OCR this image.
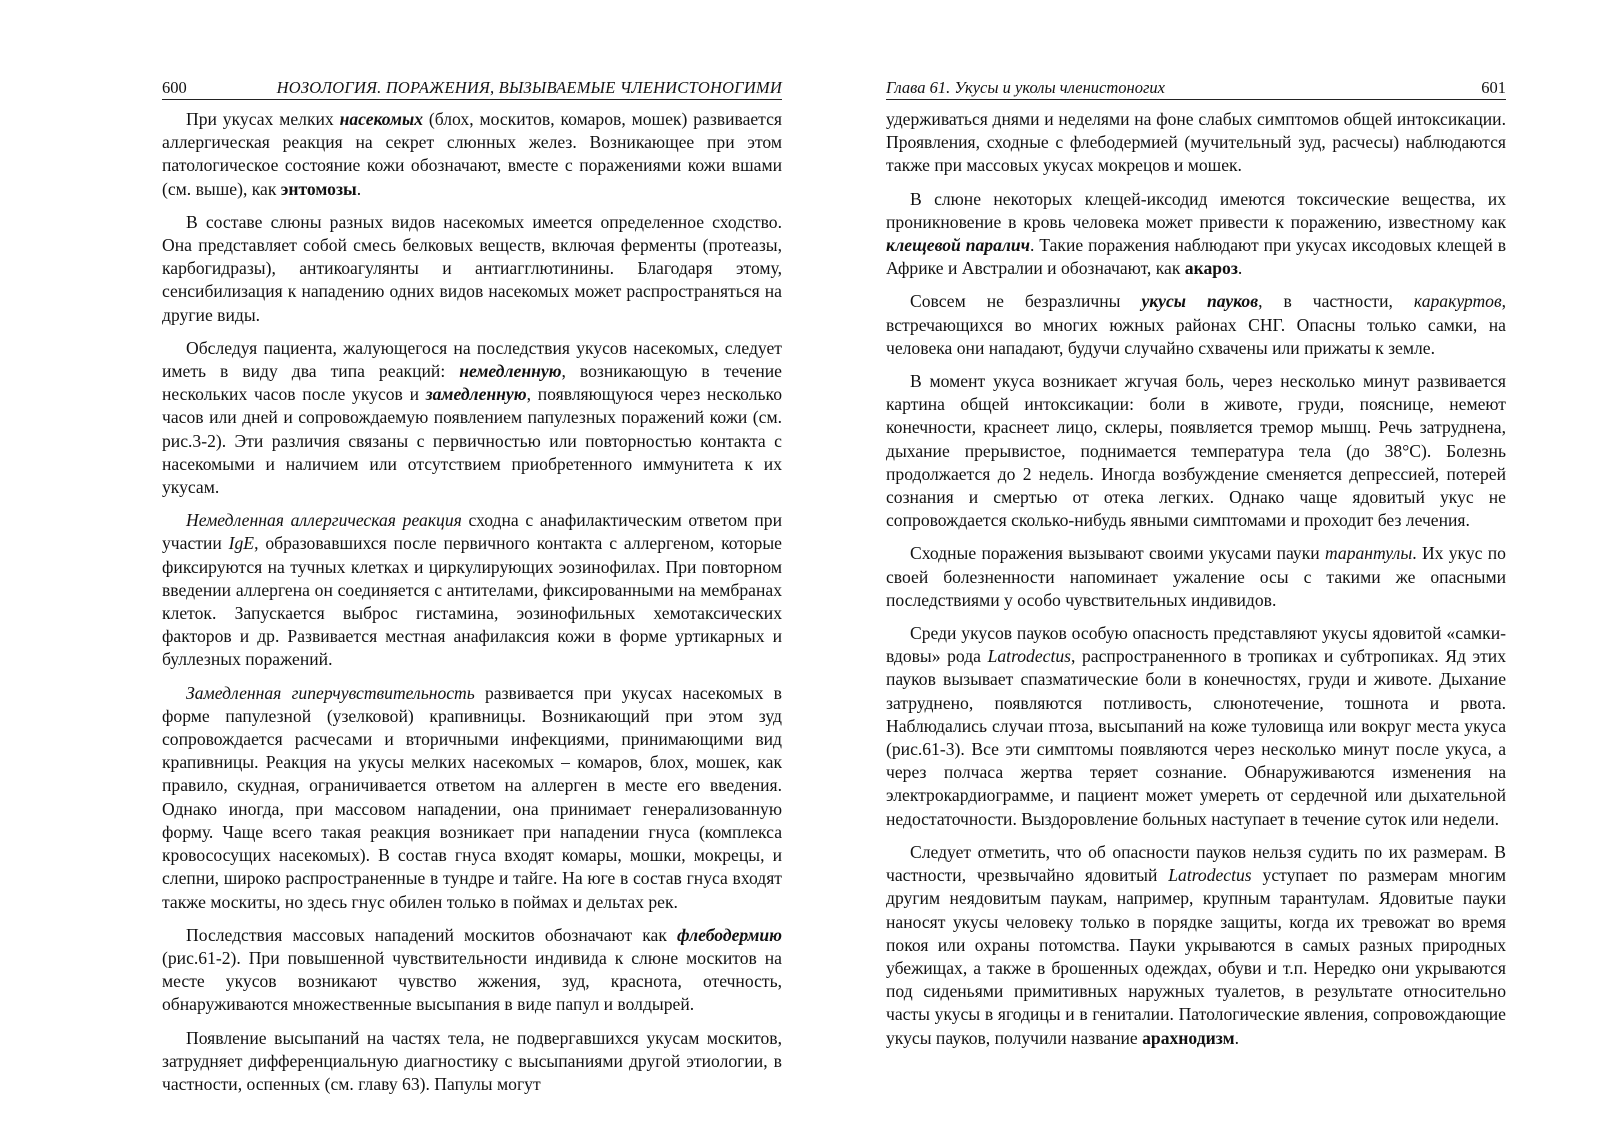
600	НОЗОЛОГИЯ. ПОРАЖЕНИЯ, ВЫЗЫВАЕМЫЕ ЧЛЕНИСТОНОГИМИ

При укусах мелких насекомых (блох, москитов, комаров, мошек) развивается аллергическая реакция на секрет слюнных желез. Возникающее при этом патологическое состояние кожи обозначают, вместе с поражениями кожи вшами (см. выше), как энтомозы.

В составе слюны разных видов насекомых имеется определенное сходство. Она представляет собой смесь белковых веществ, включая ферменты (протеазы, карбогидразы), антикоагулянты и антиагглютинины. Благодаря этому, сенсибилизация к нападению одних видов насекомых может распространяться на другие виды.

Обследуя пациента, жалующегося на последствия укусов насекомых, следует иметь в виду два типа реакций: немедленную, возникающую в течение нескольких часов после укусов и замедленную, появляющуюся через несколько часов или дней и сопровождаемую появлением папулезных поражений кожи (см. рис.3-2). Эти различия связаны с первичностью или повторностью контакта с насекомыми и наличием или отсутствием приобретенного иммунитета к их укусам.

Немедленная аллергическая реакция сходна с анафилактическим ответом при участии IgE, образовавшихся после первичного контакта с аллергеном, которые фиксируются на тучных клетках и циркулирующих эозинофилах. При повторном введении аллергена он соединяется с антителами, фиксированными на мембранах клеток. Запускается выброс гистамина, эозинофильных хемотаксических факторов и др. Развивается местная анафилаксия кожи в форме уртикарных и буллезных поражений.

Замедленная гиперчувствительность развивается при укусах насекомых в форме папулезной (узелковой) крапивницы. Возникающий при этом зуд сопровождается расчесами и вторичными инфекциями, принимающими вид крапивницы. Реакция на укусы мелких насекомых – комаров, блох, мошек, как правило, скудная, ограничивается ответом на аллерген в месте его введения. Однако иногда, при массовом нападении, она принимает генерализованную форму. Чаще всего такая реакция возникает при нападении гнуса (комплекса кровососущих насекомых). В состав гнуса входят комары, мошки, мокрецы, и слепни, широко распространенные в тундре и тайге. На юге в состав гнуса входят также москиты, но здесь гнус обилен только в поймах и дельтах рек.

Последствия массовых нападений москитов обозначают как флебодермию (рис.61-2). При повышенной чувствительности индивида к слюне москитов на месте укусов возникают чувство жжения, зуд, краснота, отечность, обнаруживаются множественные высыпания в виде папул и волдырей.

Появление высыпаний на частях тела, не подвергавшихся укусам москитов, затрудняет дифференциальную диагностику с высыпаниями другой этиологии, в частности, оспенных (см. главу 63). Папулы могут

Глава 61. Укусы и уколы членистоногих	601

удерживаться днями и неделями на фоне слабых симптомов общей интоксикации. Проявления, сходные с флебодермией (мучительный зуд, расчесы) наблюдаются также при массовых укусах мокрецов и мошек.

В слюне некоторых клещей-иксодид имеются токсические вещества, их проникновение в кровь человека может привести к поражению, известному как клещевой паралич. Такие поражения наблюдают при укусах иксодовых клещей в Африке и Австралии и обозначают, как акароз.

Совсем не безразличны укусы пауков, в частности, каракуртов, встречающихся во многих южных районах СНГ. Опасны только самки, на человека они нападают, будучи случайно схвачены или прижаты к земле.

В момент укуса возникает жгучая боль, через несколько минут развивается картина общей интоксикации: боли в животе, груди, пояснице, немеют конечности, краснеет лицо, склеры, появляется тремор мышц. Речь затруднена, дыхание прерывистое, поднимается температура тела (до 38°С). Болезнь продолжается до 2 недель. Иногда возбуждение сменяется депрессией, потерей сознания и смертью от отека легких. Однако чаще ядовитый укус не сопровождается сколько-нибудь явными симптомами и проходит без лечения.

Сходные поражения вызывают своими укусами пауки тарантулы. Их укус по своей болезненности напоминает ужаление осы с такими же опасными последствиями у особо чувствительных индивидов.

Среди укусов пауков особую опасность представляют укусы ядовитой «самки-вдовы» рода Latrodectus, распространенного в тропиках и субтропиках. Яд этих пауков вызывает спазматические боли в конечностях, груди и животе. Дыхание затруднено, появляются потливость, слюнотечение, тошнота и рвота. Наблюдались случаи птоза, высыпаний на коже туловища или вокруг места укуса (рис.61-3). Все эти симптомы появляются через несколько минут после укуса, а через полчаса жертва теряет сознание. Обнаруживаются изменения на электрокардиограмме, и пациент может умереть от сердечной или дыхательной недостаточности. Выздоровление больных наступает в течение суток или недели.

Следует отметить, что об опасности пауков нельзя судить по их размерам. В частности, чрезвычайно ядовитый Latrodectus уступает по размерам многим другим неядовитым паукам, например, крупным тарантулам. Ядовитые пауки наносят укусы человеку только в порядке защиты, когда их тревожат во время покоя или охраны потомства. Пауки укрываются в самых разных природных убежищах, а также в брошенных одеждах, обуви и т.п. Нередко они укрываются под сиденьями примитивных наружных туалетов, в результате относительно часты укусы в ягодицы и в гениталии. Патологические явления, сопровождающие укусы пауков, получили название арахнодизм.
